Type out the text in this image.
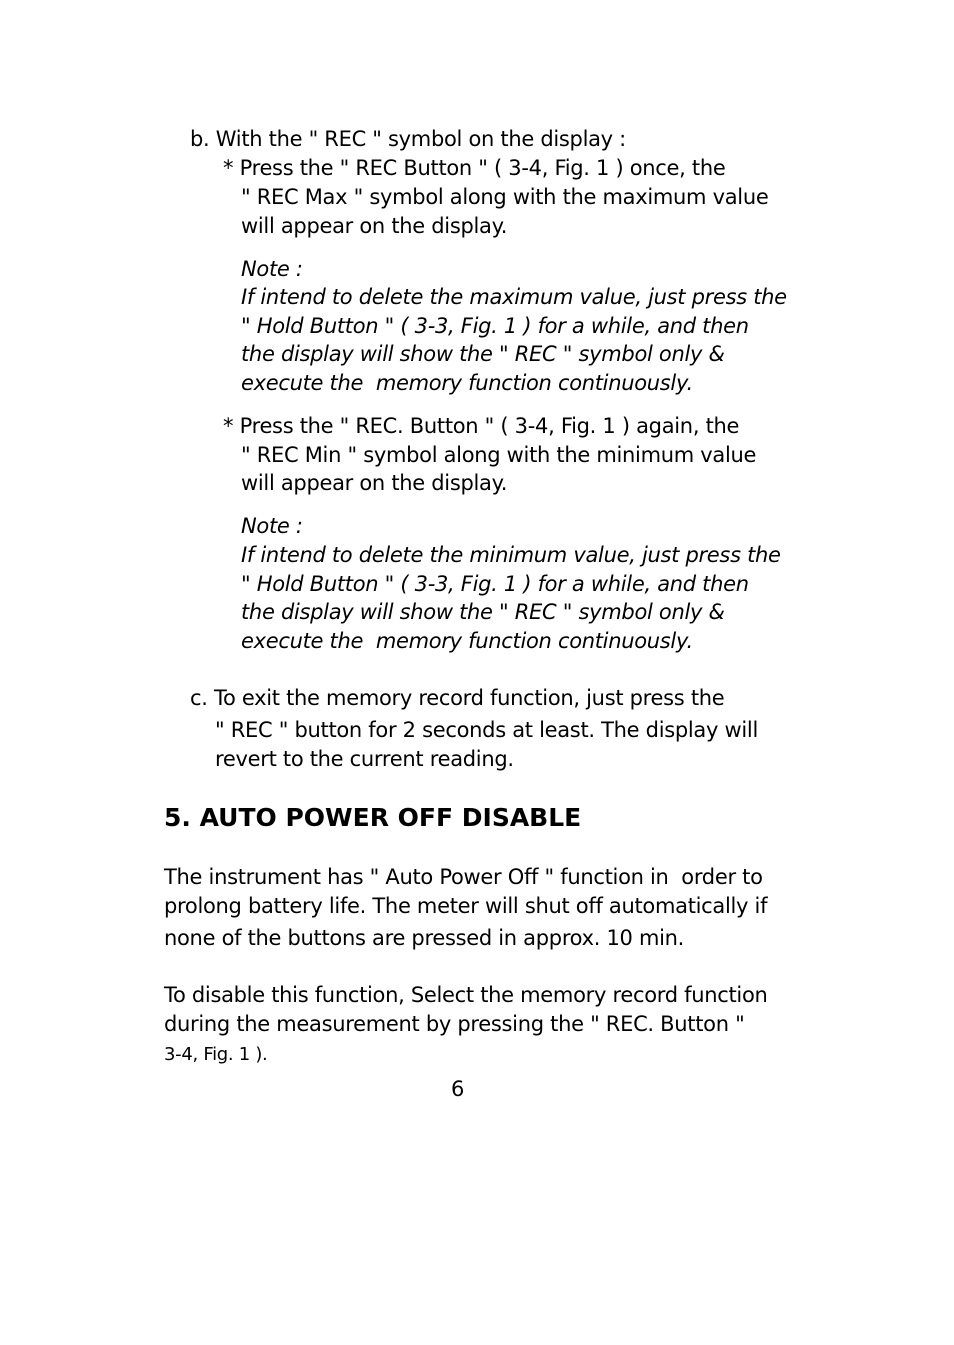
b. With the " REC " symbol on the display :
* Press the " REC Button " ( 3-4, Fig. 1 ) once, the
" REC Max " symbol along with the maximum value
will appear on the display.
Note :
If intend to delete the maximum value, just press the
" Hold Button " ( 3-3, Fig. 1 ) for a while, and then
the display will show the " REC " symbol only &
execute the  memory function continuously.
* Press the " REC. Button " ( 3-4, Fig. 1 ) again, the
" REC Min " symbol along with the minimum value
will appear on the display.
Note :
If intend to delete the minimum value, just press the
" Hold Button " ( 3-3, Fig. 1 ) for a while, and then
the display will show the " REC " symbol only &
execute the  memory function continuously.
c. To exit the memory record function, just press the
" REC " button for 2 seconds at least. The display will
revert to the current reading.
5. AUTO POWER OFF DISABLE
The instrument has " Auto Power Off " function in  order to
prolong battery life. The meter will shut off automatically if
none of the buttons are pressed in approx. 10 min.
To disable this function, Select the memory record function
during the measurement by pressing the " REC. Button "
3-4, Fig. 1 ).
6
